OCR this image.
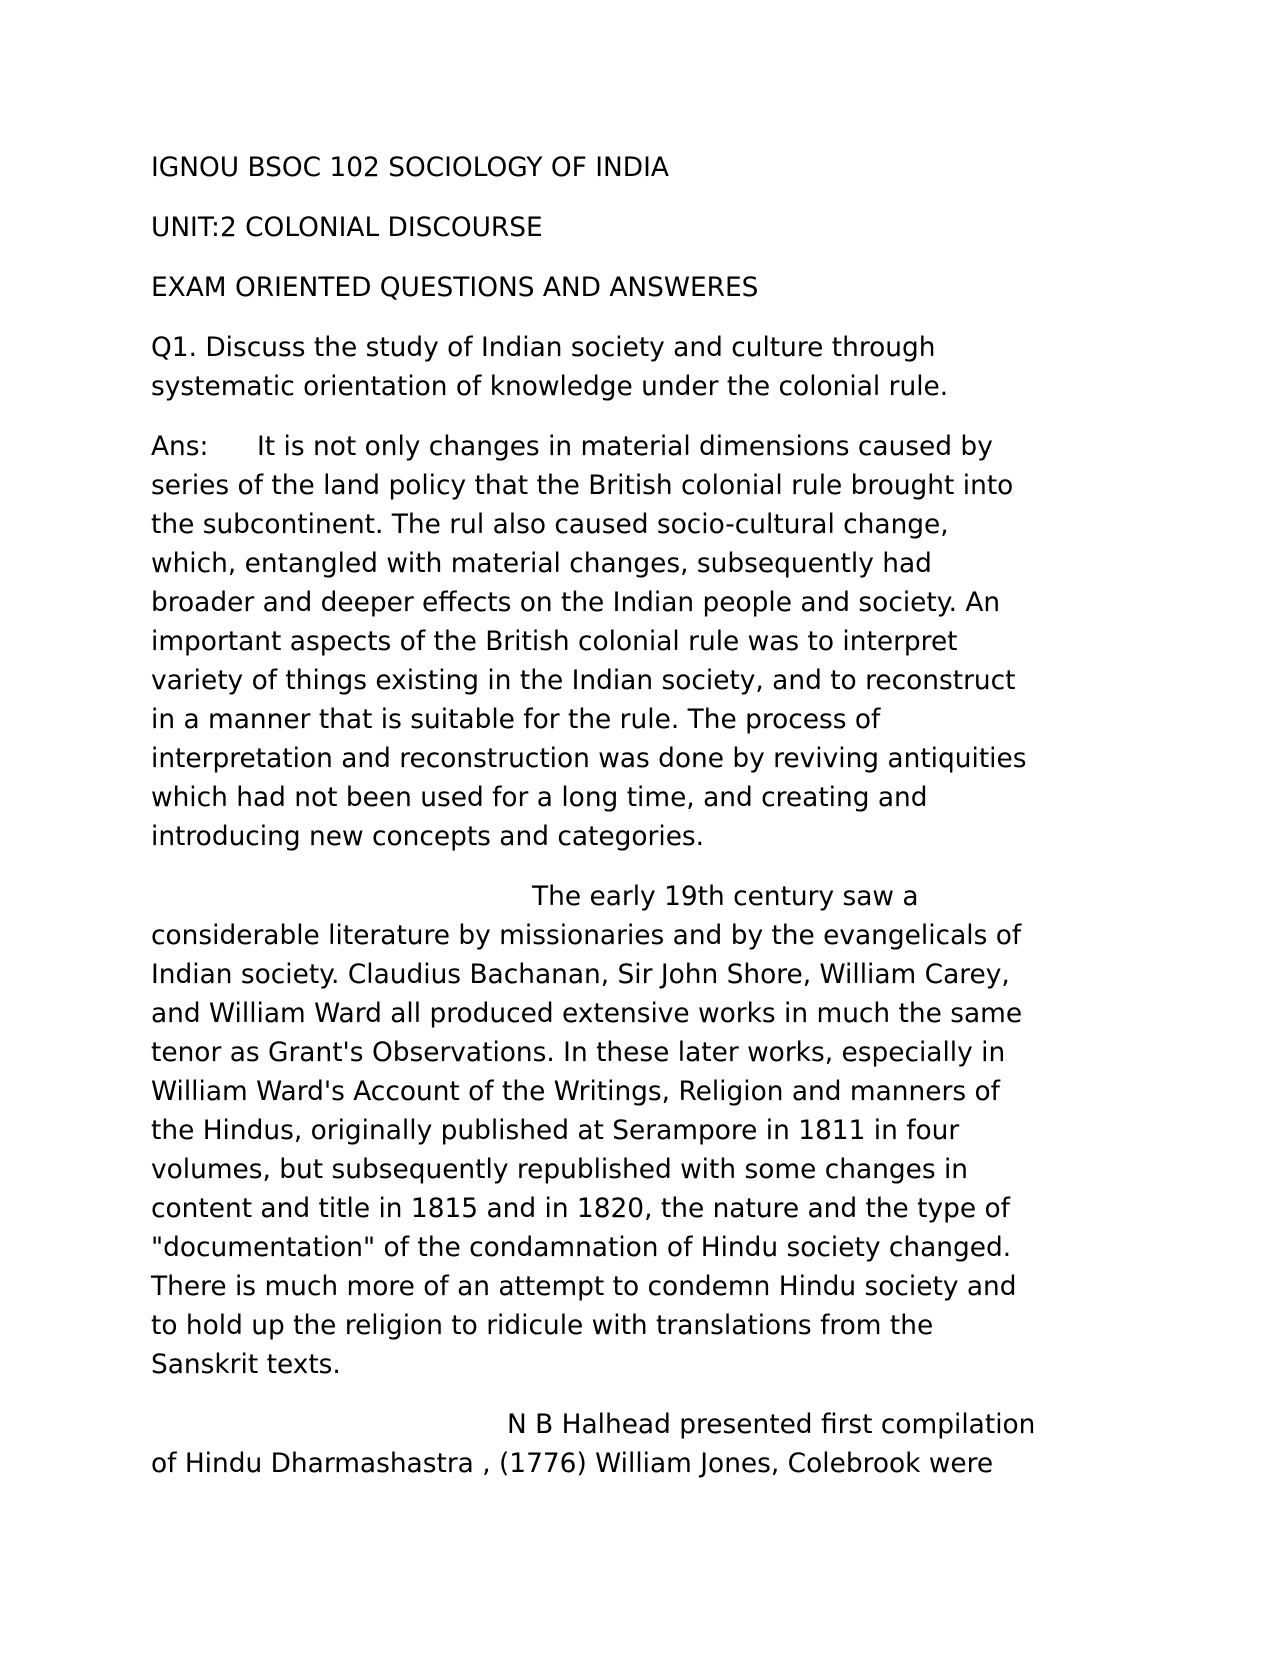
IGNOU BSOC 102 SOCIOLOGY OF INDIA

UNIT:2 COLONIAL DISCOURSE

EXAM ORIENTED QUESTIONS AND ANSWERES

Q1. Discuss the study of Indian society and culture through
systematic orientation of knowledge under the colonial rule.

Ans: It is not only changes in material dimensions caused by
series of the land policy that the British colonial rule brought into
the subcontinent. The rul also caused socio-cultural change,
which, entangled with material changes, subsequently had
broader and deeper effects on the Indian people and society. An
important aspects of the British colonial rule was to interpret
variety of things existing in the Indian society, and to reconstruct
in a manner that is suitable for the rule. The process of
interpretation and reconstruction was done by reviving antiquities
which had not been used for a long time, and creating and
introducing new concepts and categories.

The early 19th century saw a
considerable literature by missionaries and by the evangelicals of
Indian society. Claudius Bachanan, Sir John Shore, William Carey,
and William Ward all produced extensive works in much the same
tenor as Grant's Observations. In these later works, especially in
William Ward's Account of the Writings, Religion and manners of
the Hindus, originally published at Serampore in 1811 in four
volumes, but subsequently republished with some changes in
content and title in 1815 and in 1820, the nature and the type of
"documentation" of the condamnation of Hindu society changed.
There is much more of an attempt to condemn Hindu society and
to hold up the religion to ridicule with translations from the
Sanskrit texts.

N B Halhead presented first compilation
of Hindu Dharmashastra , (1776) William Jones, Colebrook were
